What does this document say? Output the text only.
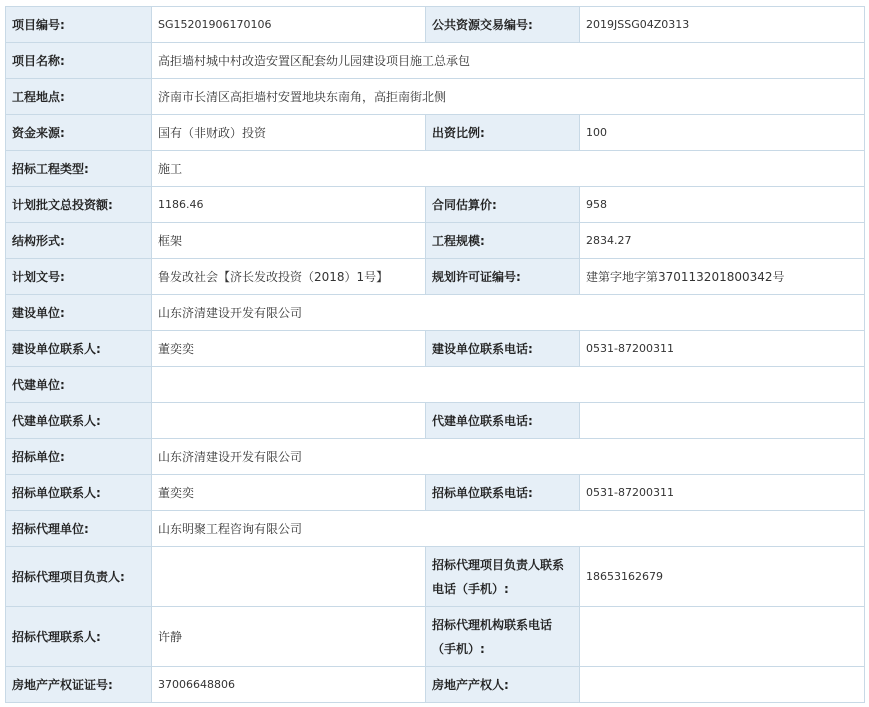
项目编号:	SG15201906170106	公共资源交易编号:	2019JSSG04Z0313
项目名称:	高拒墙村城中村改造安置区配套幼儿园建设项目施工总承包		
工程地点:	济南市长清区高拒墙村安置地块东南角，高拒南街北侧		
资金来源:	国有（非财政）投资	出资比例:	100
招标工程类型:	施工		
计划批文总投资额:	1186.46	合同估算价:	958
结构形式:	框架	工程规模:	2834.27
计划文号:	鲁发改社会【济长发改投资（2018）1号】	规划许可证编号:	建第字地字第370113201800342号
建设单位:	山东济清建设开发有限公司		
建设单位联系人:	董奕奕	建设单位联系电话:	0531-87200311
代建单位:			
代建单位联系人:		代建单位联系电话:	
招标单位:	山东济清建设开发有限公司		
招标单位联系人:	董奕奕	招标单位联系电话:	0531-87200311
招标代理单位:	山东明聚工程咨询有限公司		
招标代理项目负责人:		招标代理项目负责人联系电话（手机）:	18653162679
招标代理联系人:	许静	招标代理机构联系电话（手机）:	
房地产产权证证号:	37006648806	房地产产权人:	
